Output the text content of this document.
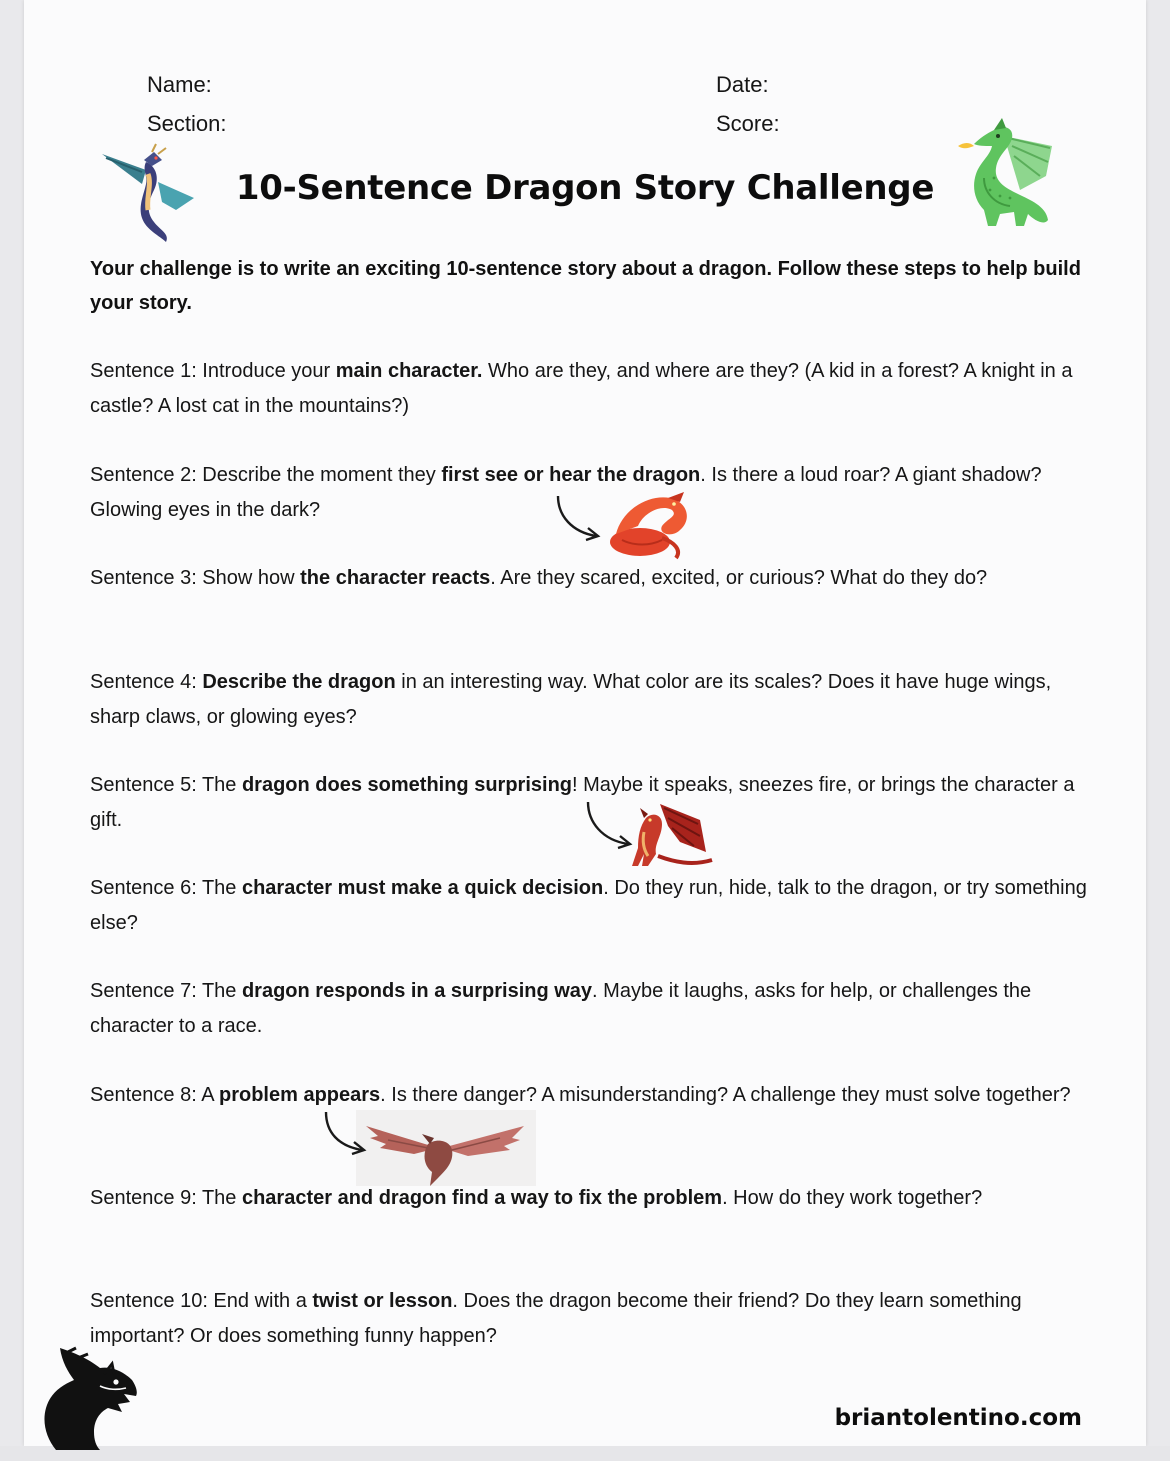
Name:	Date:
Section:	Score:
10-Sentence Dragon Story Challenge
Your challenge is to write an exciting 10-sentence story about a dragon. Follow these steps to help build your story.
Sentence 1: Introduce your main character. Who are they, and where are they? (A kid in a forest? A knight in a castle? A lost cat in the mountains?)
Sentence 2: Describe the moment they first see or hear the dragon. Is there a loud roar? A giant shadow? Glowing eyes in the dark?
Sentence 3: Show how the character reacts. Are they scared, excited, or curious? What do they do?
Sentence 4: Describe the dragon in an interesting way. What color are its scales? Does it have huge wings, sharp claws, or glowing eyes?
Sentence 5: The dragon does something surprising! Maybe it speaks, sneezes fire, or brings the character a gift.
Sentence 6: The character must make a quick decision. Do they run, hide, talk to the dragon, or try something else?
Sentence 7: The dragon responds in a surprising way. Maybe it laughs, asks for help, or challenges the character to a race.
Sentence 8: A problem appears. Is there danger? A misunderstanding? A challenge they must solve together?
Sentence 9: The character and dragon find a way to fix the problem. How do they work together?
Sentence 10: End with a twist or lesson. Does the dragon become their friend? Do they learn something important? Or does something funny happen?
briantolentino.com
